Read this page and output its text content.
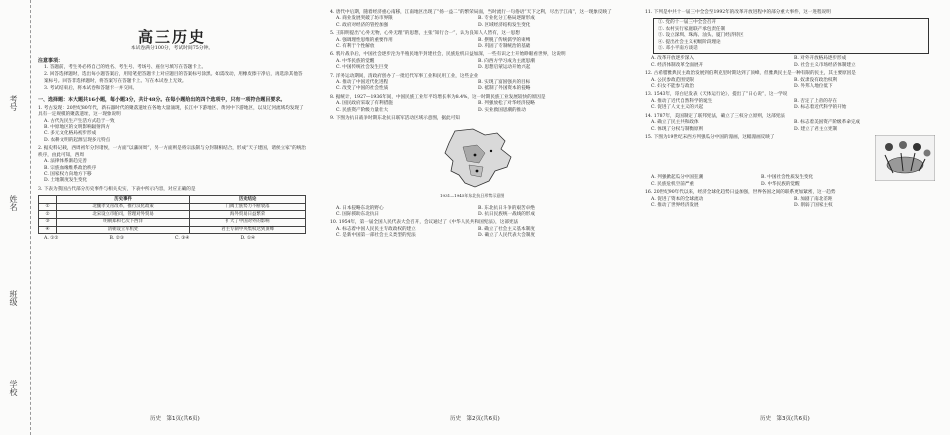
考号
姓名
班级
学校
高三历史
本试卷满分100分，考试时间75分钟。
注意事项：

1. 答题前，考生务必将自己的姓名、考生号、考场号、座位号填写在答题卡上。

2. 回答选择题时，选出每小题答案后，用铅笔把答题卡上对应题目的答案标号涂黑。如需改动，用橡皮擦干净后，再选涂其他答案标号。回答非选择题时，将答案写在答题卡上。写在本试卷上无效。

3. 考试结束后，将本试卷和答题卡一并交回。

一、选择题：本大题共16小题，每小题3分，共计48分。在每小题给出的四个选项中，只有一项符合题目要求。

1. 考古发现：20世纪80年代，新石器时代的聚落遗址在各地大量涌现，长江中下游地区、黄河中下游地区，以及辽河流域均发现了具有一定规模的聚落遗址，这一现象说明

A. 古代先民生产生活方式趋于一致
B. 中原地区的文明影响辐射四方
C. 多元文化格局初步形成
D. 农耕文明的起源呈现多元特点

2. 据史料记载，西周初年分封诸侯，一方面“以藩屏周”，另一方面则是将宗法制与分封制相结合，形成“天子建国，诸侯立家”的统治秩序，由此可知，西周

A. 法律体系渐趋完善
B. 宗族血缘维系政治秩序
C. 国家权力向地方下移
D. 土地制度发生变化

3. 下表为我国古代部分历史事件与相关史实，下表中所示内容，对应正确的是

	历史事件	历史结论
①	北魏孝文帝改革，推行汉化政策	门阀士族势力不断衰落
②	北宋设立市舶司，管理对外贸易	海外贸易日益繁荣
③	明朝郑和七次下西洋	扩大了中国对外的影响
④	清朝设立军机处	君主专制中央集权达到顶峰
A. ①②	B. ②③	C. ③④	D. ①④
历史　第1页(共6页)

4. 唐代中后期，随着经济重心南移，江南地区出现了“扬一益二”的繁荣局面，当时流行一句俗语“天下之利，尽出于江南”，这一现象反映了

A. 商业发展突破了坊市界限	B. 专业化分工格局逐渐形成
C. 政府对经济的管控加强	D. 区域经济结构发生变化

5. 王阳明提出“心外无物，心外无理”的思想，主张“知行合一”，认为良知人人皆有，这一思想

A. 强调理性思维的重要作用	B. 摆脱了传统儒学的束缚
C. 有利于个性解放	D. 巩固了专制统治的基础

6. 鸦片战争后，中国社会逐步沦为半殖民地半封建社会，民族危机日益加深，一些有识之士开始睁眼看世界，这说明

A. 中华民族的觉醒	B. 向西方学习成为主流思潮
C. 中国传统社会发生巨变	D. 思想启蒙运动开始兴起

7. 洋务运动期间，清政府创办了一批近代军事工业和民用工业，这些企业

A. 推动了中国近代化进程	B. 实现了富国强兵的目标
C. 改变了中国的社会性质	D. 抵制了外国资本的侵略

8. 据统计，1927—1936年间，中国民族工业年平均增长率为8.4%，这一时期民族工业发展较快的原因是

A. 国民政府采取了有利措施	B. 列强放松了对华经济侵略
C. 民族资产阶级力量壮大	D. 实业救国思潮的推动

9. 下图为抗日战争时期东北抗日联军活动区域示意图，据此可知

1931—1945年东北抗日形势示意图
A. 日本侵略东北的野心	B. 东北抗日斗争的艰苦卓绝
C. 国际援助东北抗日	D. 抗日民族统一战线的形成

10. 1954年，第一届全国人民代表大会召开，会议通过了《中华人民共和国宪法》，这部宪法

A. 标志着中国人民民主专政政权的建立	B. 确立了社会主义基本制度
C. 是新中国第一部社会主义类型的宪法	D. 确立了人民代表大会制度
历史　第2页(共6页)

11. 下列是中共十一届三中全会至1992年的改革开放进程中的部分重大事件，这一进程说明

①. 党的十一届三中全会召开

②. 农村实行家庭联产承包责任制

③. 设立深圳、珠海、汕头、厦门经济特区

④. 提出社会主义初级阶段理论

⑤. 邓小平南方谈话

A. 改革开放逐步深入	B. 对外开放格局逐步形成
C. 经济体制改革全面展开	D. 社会主义市场经济体制建立

12. 古希腊雅典民主政治发展到伯利克里时期达到了顶峰，但雅典民主是一种有限的民主，其主要原因是

A. 公民参政范围受限	B. 奴隶没有政治权利
C. 妇女不能参与政治	D. 外邦人地位低下

13. 1543年，哥白尼发表《天体运行论》，提出了“日心说”，这一学说

A. 推动了近代自然科学的诞生	B. 否定了上帝的存在
C. 促进了人文主义的兴起	D. 标志着近代科学的开始

14. 1787年，美国制定了联邦宪法，确立了三权分立原则，这部宪法

A. 确立了民主共和政体	B. 标志着美国资产阶级革命完成
C. 体现了分权与制衡原则	D. 建立了君主立宪制

15. 下图为19世纪末西方列强瓜分中国的漫画，这幅漫画反映了

A. 列强掀起瓜分中国狂潮	B. 中国社会性质发生变化
C. 民族危机空前严重	D. 中华民族的觉醒

16. 20世纪90年代以来，经济全球化趋势日益加强，世界各国之间的联系更加紧密，这一趋势

A. 促进了资本的全球流动	B. 加剧了南北差距
C. 推动了世界经济发展	D. 削弱了国家主权
历史　第3页(共6页)
